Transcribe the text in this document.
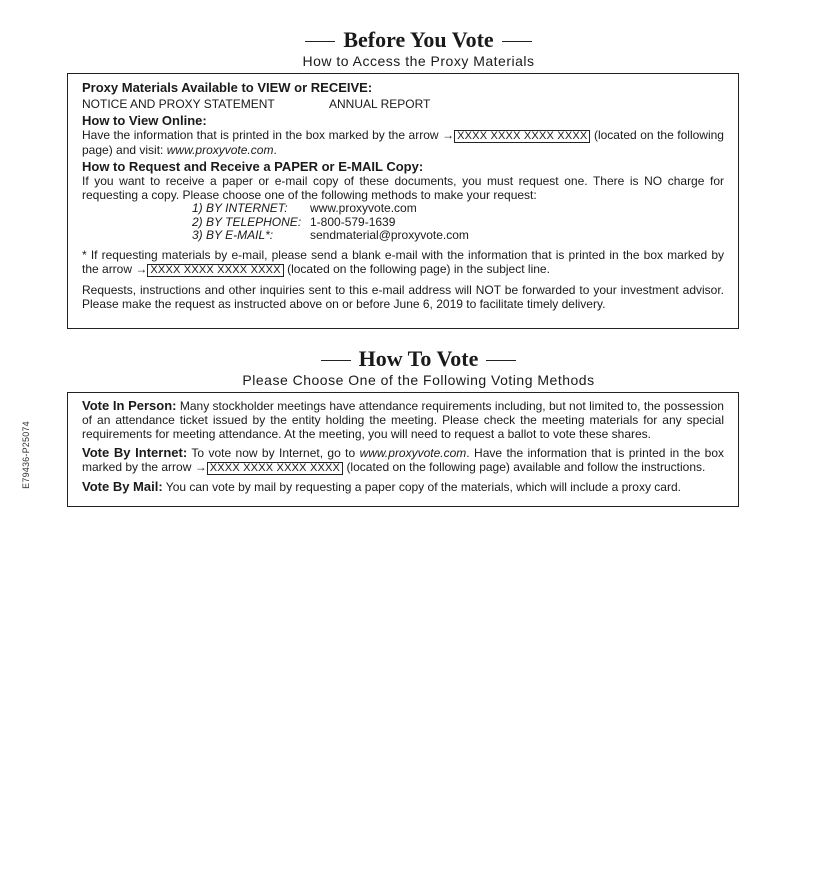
E79436-P25074
Before You Vote
How to Access the Proxy Materials

Proxy Materials Available to VIEW or RECEIVE:

NOTICE AND PROXY STATEMENT	ANNUAL REPORT

How to View Online:

Have the information that is printed in the box marked by the arrow → XXXX XXXX XXXX XXXX (located on the following page) and visit: www.proxyvote.com.

How to Request and Receive a PAPER or E-MAIL Copy:

If you want to receive a paper or e-mail copy of these documents, you must request one. There is NO charge for requesting a copy. Please choose one of the following methods to make your request:

1) BY INTERNET:	www.proxyvote.com
2) BY TELEPHONE: 1-800-579-1639
3) BY E-MAIL*:	sendmaterial@proxyvote.com

* If requesting materials by e-mail, please send a blank e-mail with the information that is printed in the box marked by the arrow → XXXX XXXX XXXX XXXX (located on the following page) in the subject line.

Requests, instructions and other inquiries sent to this e-mail address will NOT be forwarded to your investment advisor. Please make the request as instructed above on or before June 6, 2019 to facilitate timely delivery.

How To Vote
Please Choose One of the Following Voting Methods

Vote In Person: Many stockholder meetings have attendance requirements including, but not limited to, the possession of an attendance ticket issued by the entity holding the meeting. Please check the meeting materials for any special requirements for meeting attendance. At the meeting, you will need to request a ballot to vote these shares.

Vote By Internet: To vote now by Internet, go to www.proxyvote.com. Have the information that is printed in the box marked by the arrow → XXXX XXXX XXXX XXXX (located on the following page) available and follow the instructions.

Vote By Mail: You can vote by mail by requesting a paper copy of the materials, which will include a proxy card.
